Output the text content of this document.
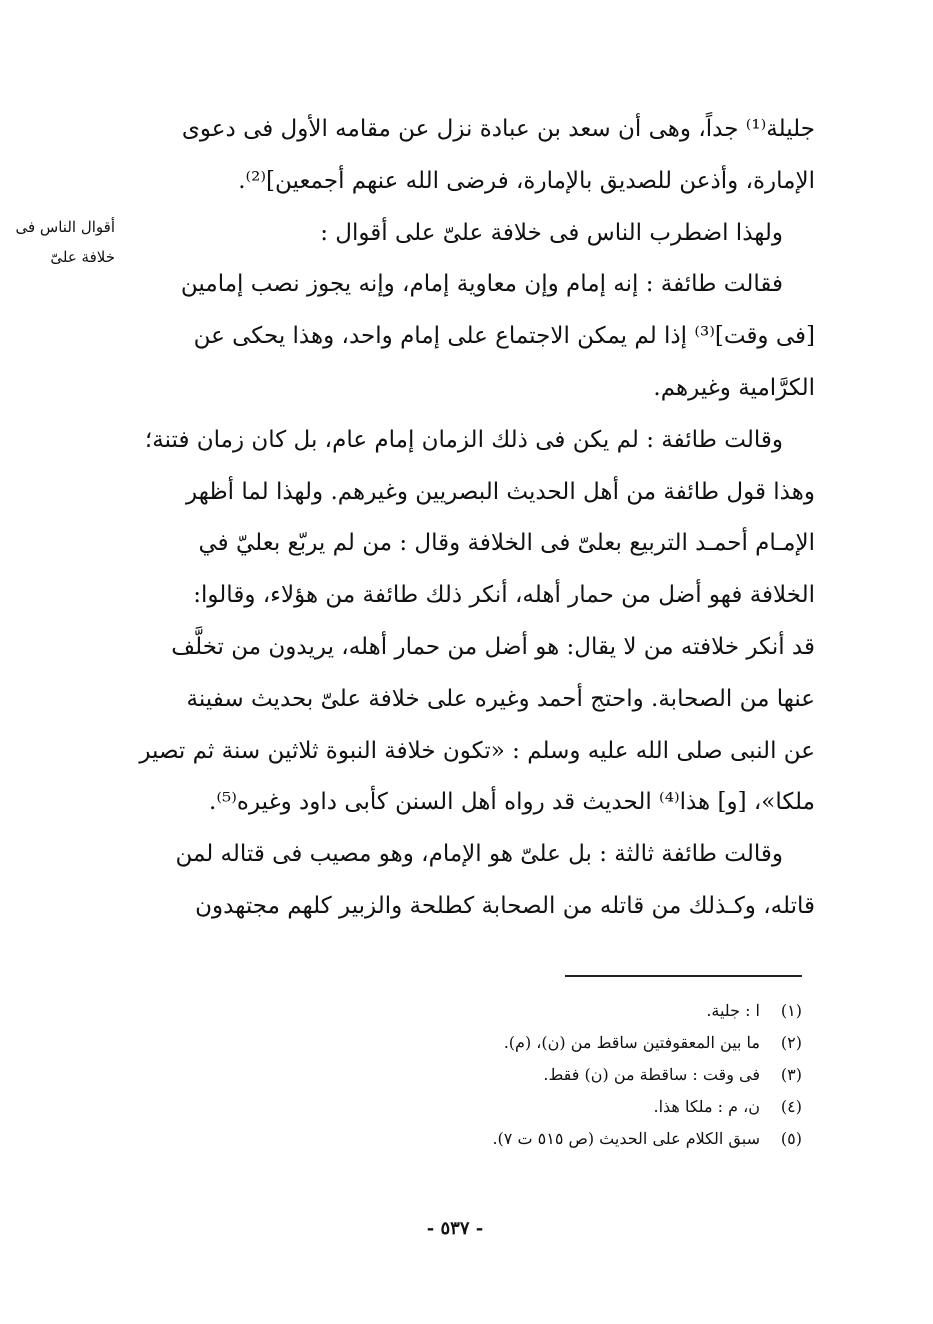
أقوال الناس فى
خلافة علىّ

جليلة⁽¹⁾ جداً، وهى أن سعد بن عبادة نزل عن مقامه الأول فى دعوى

الإمارة، وأذعن للصديق بالإمارة، فرضى الله عنهم أجمعين]⁽²⁾.

ولهذا اضطرب الناس فى خلافة علىّ على أقوال :

فقالت طائفة : إنه إمام وإن معاوية إمام، وإنه يجوز نصب إمامين

[فى وقت]⁽³⁾ إذا لم يمكن الاجتماع على إمام واحد، وهذا يحكى عن

الكرَّامية وغيرهم.

وقالت طائفة : لم يكن فى ذلك الزمان إمام عام، بل كان زمان فتنة؛

وهذا قول طائفة من أهل الحديث البصريين وغيرهم. ولهذا لما أظهر

الإمـام أحمـد التربيع بعلىّ فى الخلافة وقال : من لم يربّع بعليّ في

الخلافة فهو أضل من حمار أهله، أنكر ذلك طائفة من هؤلاء، وقالوا:

قد أنكر خلافته من لا يقال: هو أضل من حمار أهله، يريدون من تخلَّف

عنها من الصحابة. واحتج أحمد وغيره على خلافة علىّ بحديث سفينة

عن النبى صلى الله عليه وسلم : «تكون خلافة النبوة ثلاثين سنة ثم تصير

ملكا»، [و] هذا⁽⁴⁾ الحديث قد رواه أهل السنن كأبى داود وغيره⁽⁵⁾.

وقالت طائفة ثالثة : بل علىّ هو الإمام، وهو مصيب فى قتاله لمن

قاتله، وكـذلك من قاتله من الصحابة كطلحة والزبير كلهم مجتهدون

(١)
ا : جلية.
(٢)
ما بين المعقوفتين ساقط من (ن)، (م).
(٣)
فى وقت : ساقطة من (ن) فقط.
(٤)
ن، م : ملكا هذا.
(٥)
سبق الكلام على الحديث (ص ٥١٥ ت ٧).
- ٥٣٧ -
